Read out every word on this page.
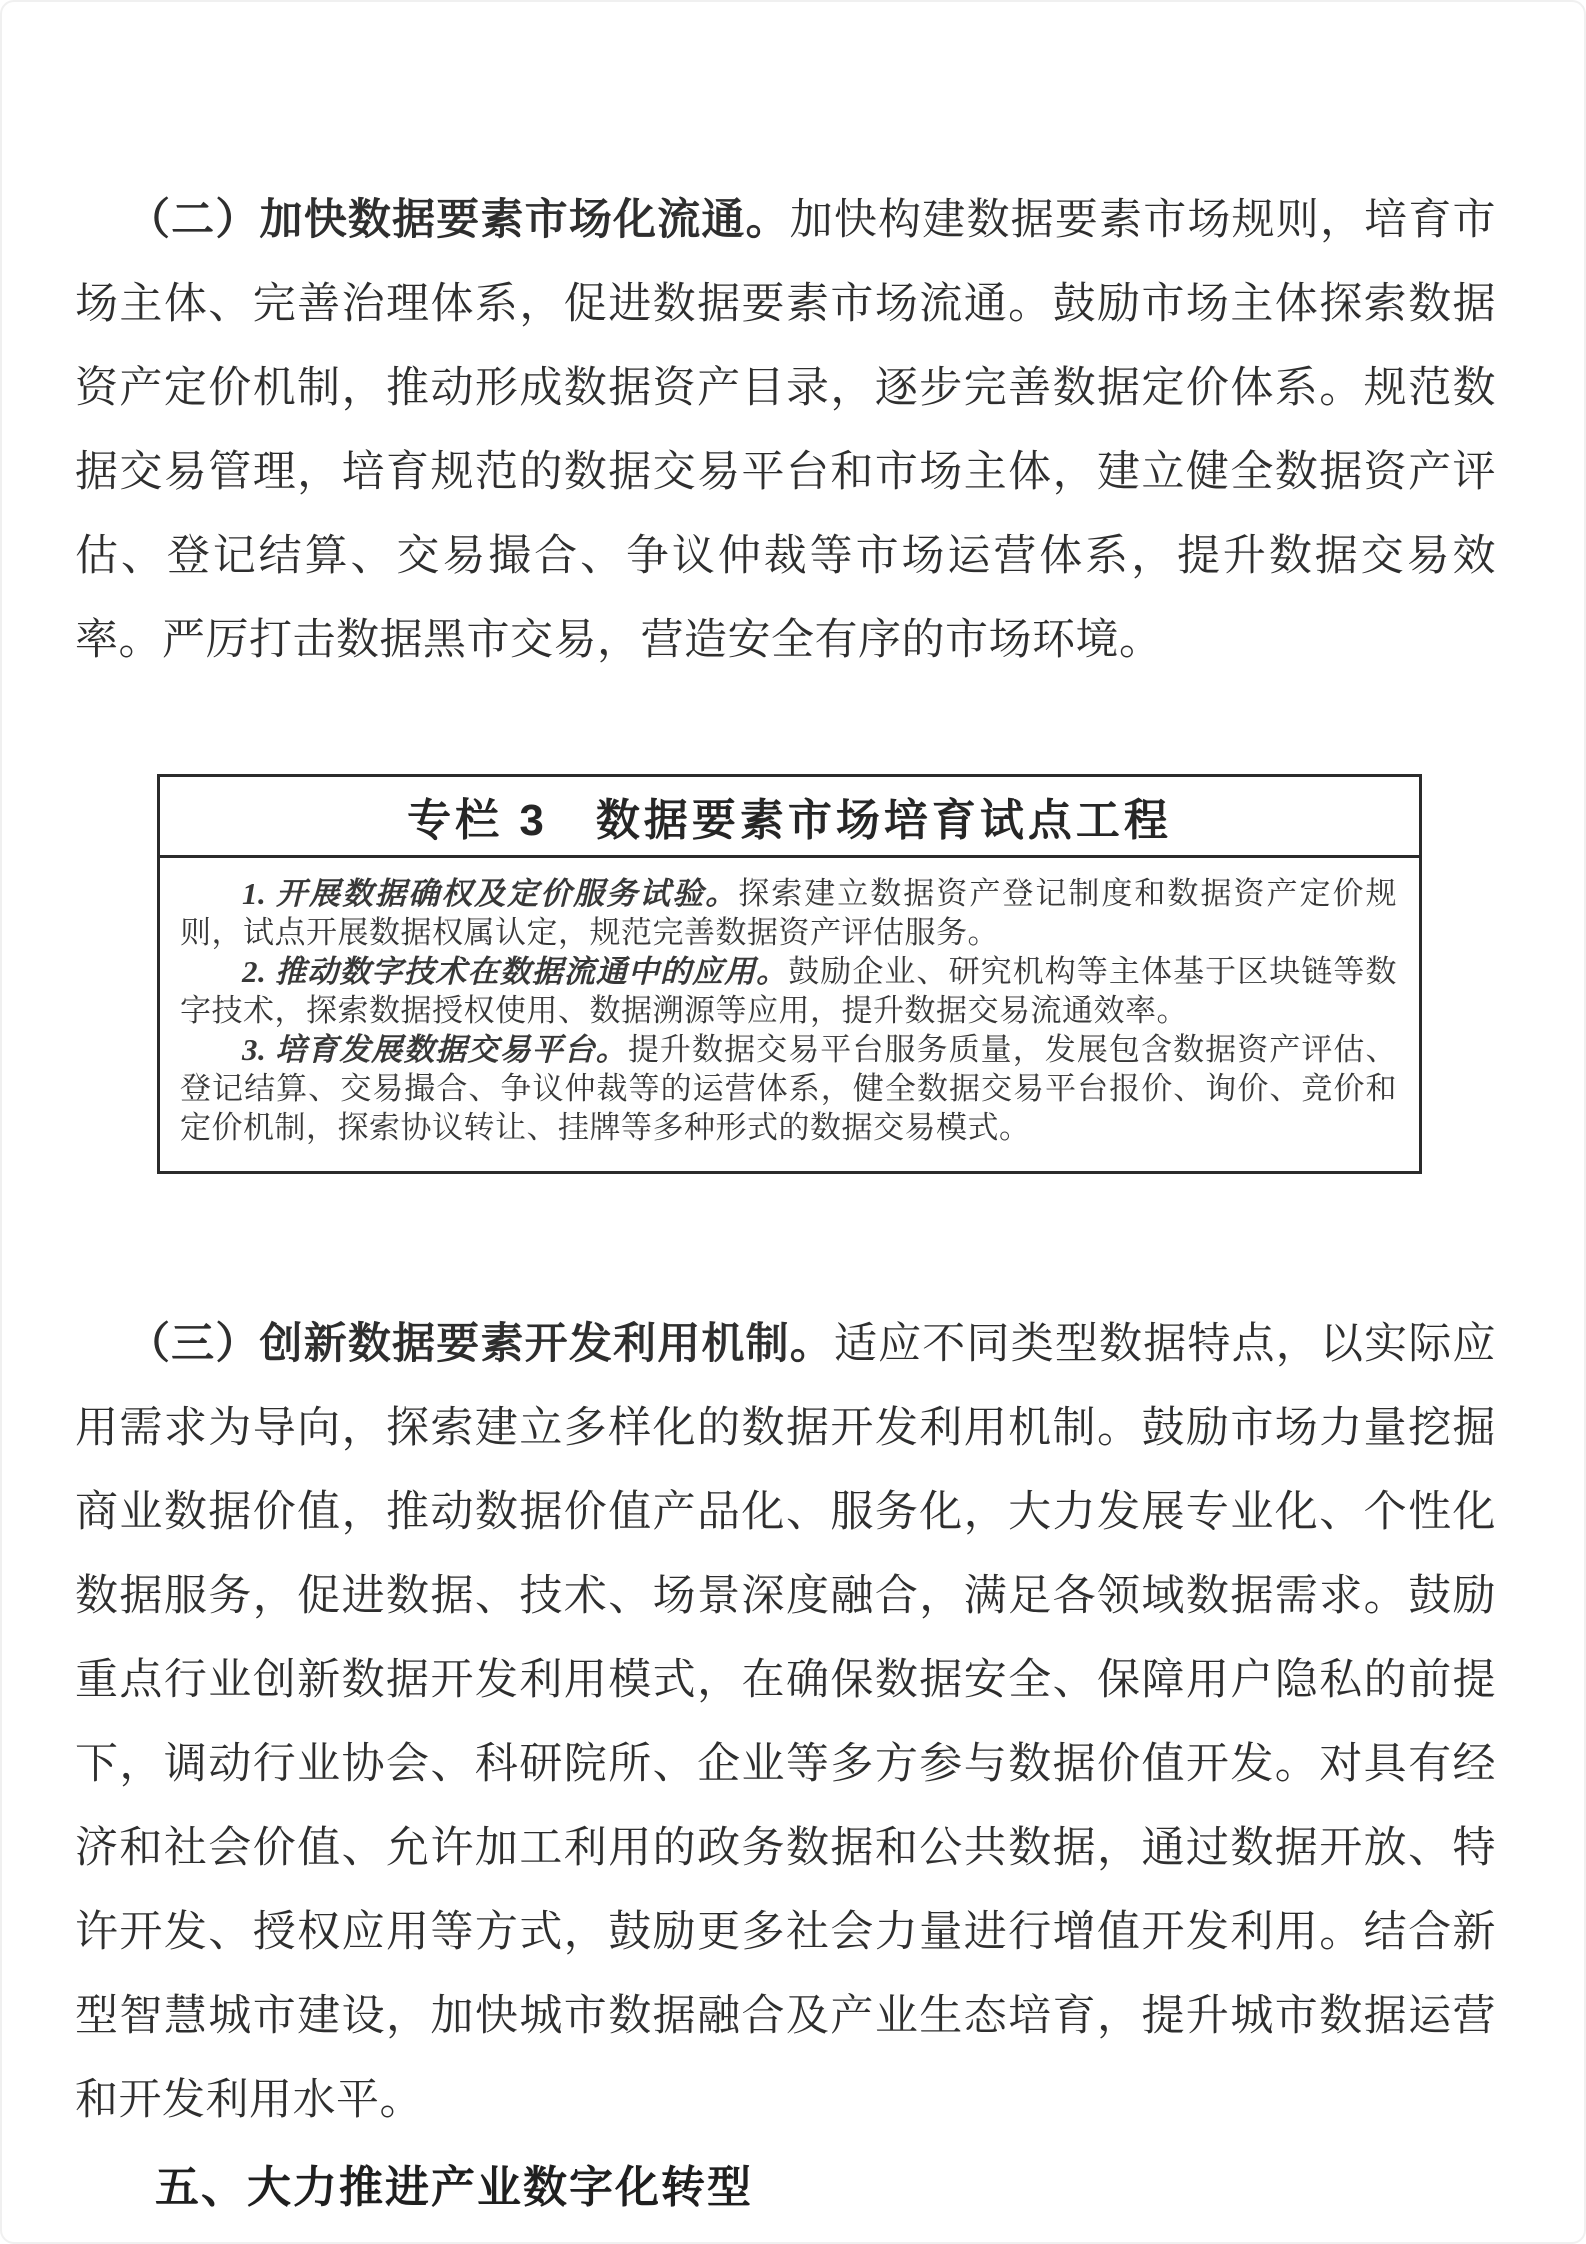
（二）加快数据要素市场化流通。加快构建数据要素市场规则，培育市场主体、完善治理体系，促进数据要素市场流通。鼓励市场主体探索数据资产定价机制，推动形成数据资产目录，逐步完善数据定价体系。规范数据交易管理，培育规范的数据交易平台和市场主体，建立健全数据资产评估、登记结算、交易撮合、争议仲裁等市场运营体系，提升数据交易效率。严厉打击数据黑市交易，营造安全有序的市场环境。

专栏 3　数据要素市场培育试点工程

1. 开展数据确权及定价服务试验。探索建立数据资产登记制度和数据资产定价规则，试点开展数据权属认定，规范完善数据资产评估服务。

2. 推动数字技术在数据流通中的应用。鼓励企业、研究机构等主体基于区块链等数字技术，探索数据授权使用、数据溯源等应用，提升数据交易流通效率。

3. 培育发展数据交易平台。提升数据交易平台服务质量，发展包含数据资产评估、登记结算、交易撮合、争议仲裁等的运营体系，健全数据交易平台报价、询价、竞价和定价机制，探索协议转让、挂牌等多种形式的数据交易模式。

（三）创新数据要素开发利用机制。适应不同类型数据特点，以实际应用需求为导向，探索建立多样化的数据开发利用机制。鼓励市场力量挖掘商业数据价值，推动数据价值产品化、服务化，大力发展专业化、个性化数据服务，促进数据、技术、场景深度融合，满足各领域数据需求。鼓励重点行业创新数据开发利用模式，在确保数据安全、保障用户隐私的前提下，调动行业协会、科研院所、企业等多方参与数据价值开发。对具有经济和社会价值、允许加工利用的政务数据和公共数据，通过数据开放、特许开发、授权应用等方式，鼓励更多社会力量进行增值开发利用。结合新型智慧城市建设，加快城市数据融合及产业生态培育，提升城市数据运营和开发利用水平。

五、大力推进产业数字化转型
